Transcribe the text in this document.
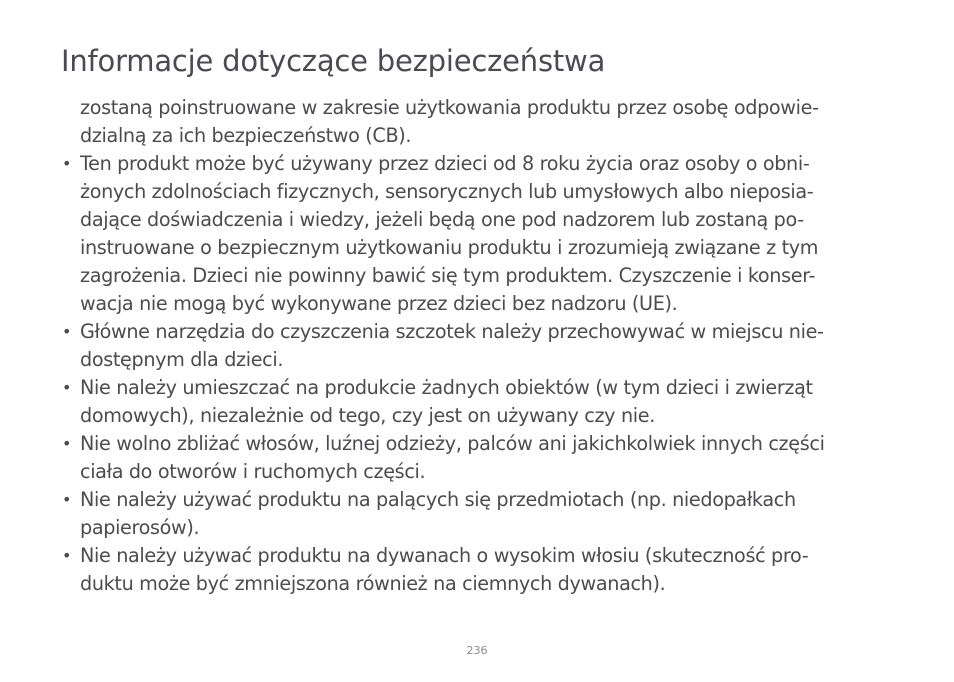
Informacje dotyczące bezpieczeństwa
zostaną poinstruowane w zakresie użytkowania produktu przez osobę odpowie-
dzialną za ich bezpieczeństwo (CB).
• Ten produkt może być używany przez dzieci od 8 roku życia oraz osoby o obni-
żonych zdolnościach fizycznych, sensorycznych lub umysłowych albo nieposia-
dające doświadczenia i wiedzy, jeżeli będą one pod nadzorem lub zostaną po-
instruowane o bezpiecznym użytkowaniu produktu i zrozumieją związane z tym
zagrożenia. Dzieci nie powinny bawić się tym produktem. Czyszczenie i konser-
wacja nie mogą być wykonywane przez dzieci bez nadzoru (UE).
• Główne narzędzia do czyszczenia szczotek należy przechowywać w miejscu nie-
dostępnym dla dzieci.
• Nie należy umieszczać na produkcie żadnych obiektów (w tym dzieci i zwierząt
domowych), niezależnie od tego, czy jest on używany czy nie.
• Nie wolno zbliżać włosów, luźnej odzieży, palców ani jakichkolwiek innych części
ciała do otworów i ruchomych części.
• Nie należy używać produktu na palących się przedmiotach (np. niedopałkach
papierosów).
• Nie należy używać produktu na dywanach o wysokim włosiu (skuteczność pro-
duktu może być zmniejszona również na ciemnych dywanach).
236
